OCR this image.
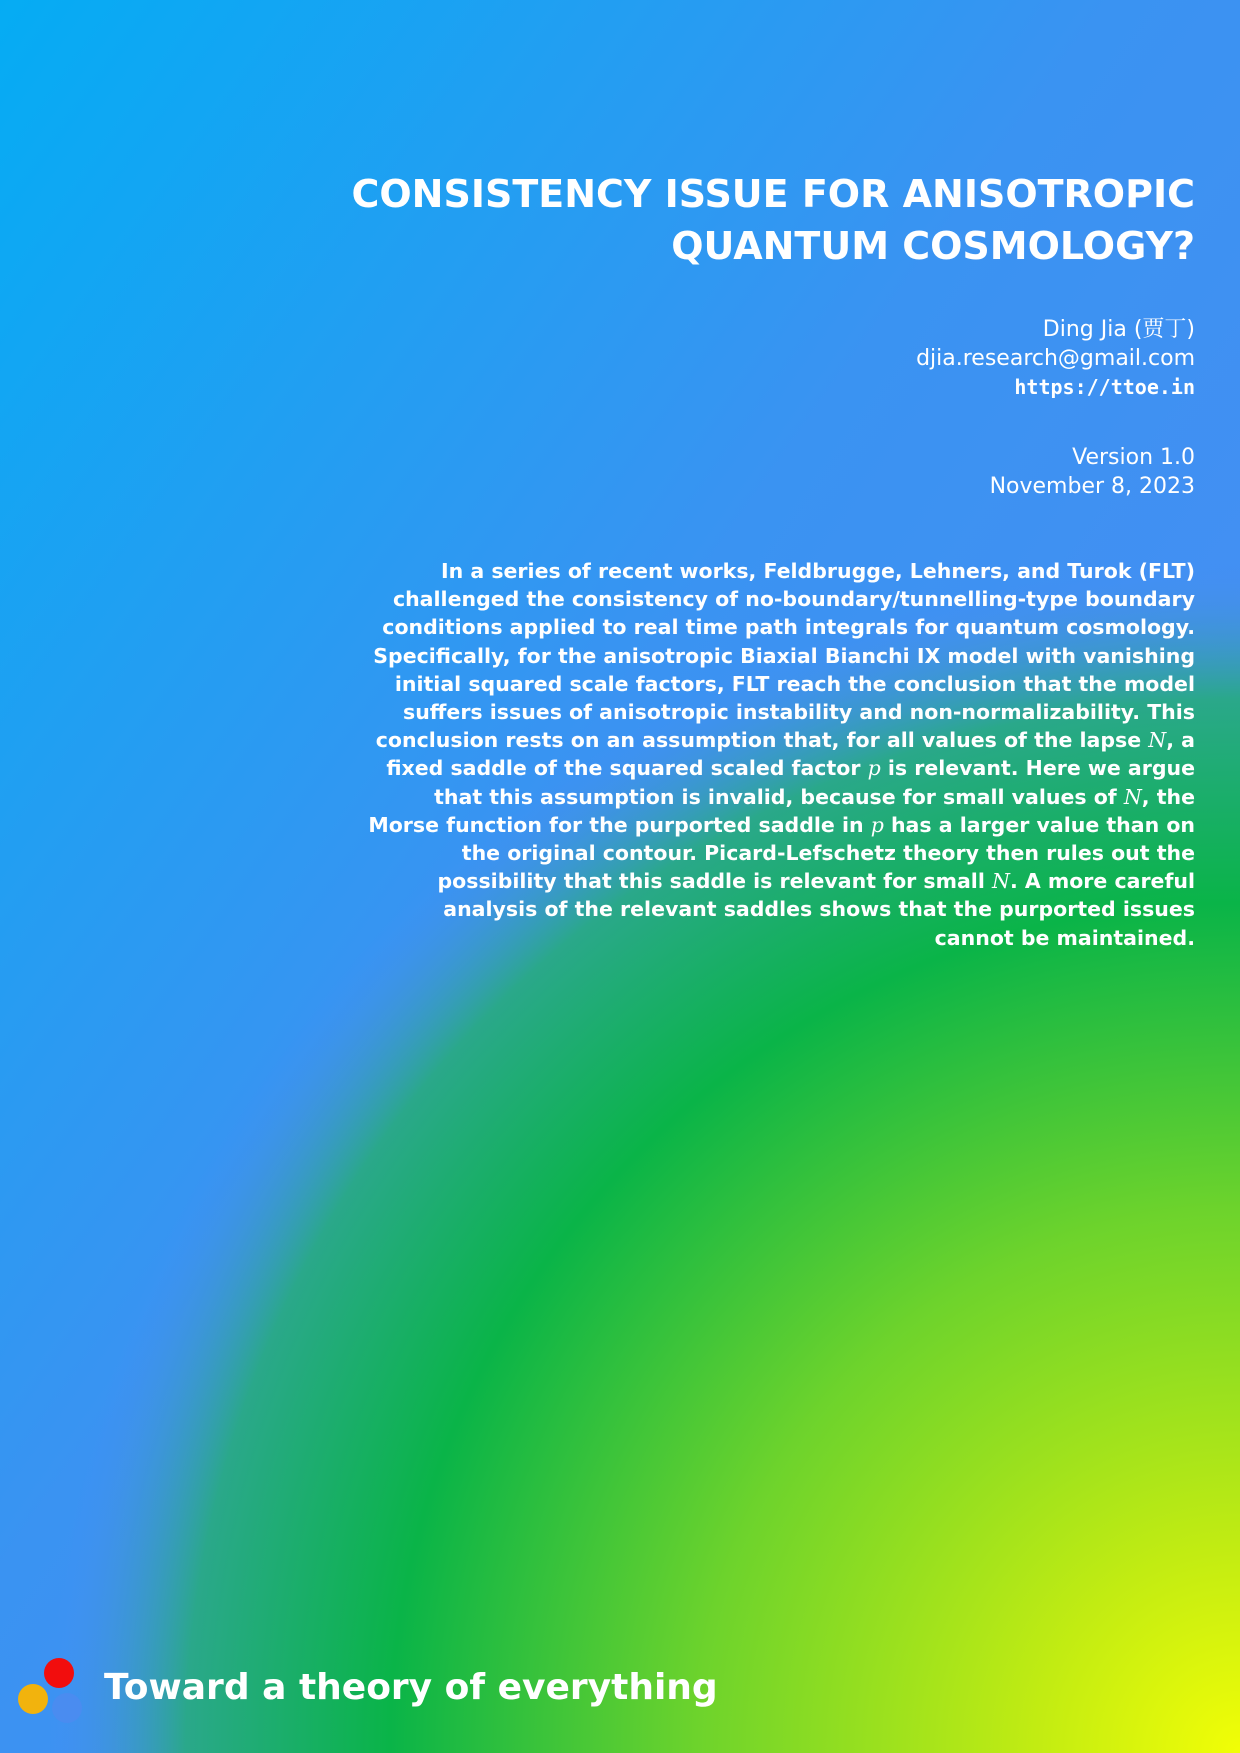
CONSISTENCY ISSUE FOR ANISOTROPIC
QUANTUM COSMOLOGY?
Ding Jia (贾丁)
djia.research@gmail.com
https://ttoe.in
Version 1.0
November 8, 2023
In a series of recent works, Feldbrugge, Lehners, and Turok (FLT)
challenged the consistency of no-boundary/tunnelling-type boundary
conditions applied to real time path integrals for quantum cosmology.
Specifically, for the anisotropic Biaxial Bianchi IX model with vanishing
initial squared scale factors, FLT reach the conclusion that the model
suffers issues of anisotropic instability and non-normalizability. This
conclusion rests on an assumption that, for all values of the lapse N, a
fixed saddle of the squared scaled factor p is relevant. Here we argue
that this assumption is invalid, because for small values of N, the
Morse function for the purported saddle in p has a larger value than on
the original contour. Picard-Lefschetz theory then rules out the
possibility that this saddle is relevant for small N. A more careful
analysis of the relevant saddles shows that the purported issues
cannot be maintained.
Toward a theory of everything
